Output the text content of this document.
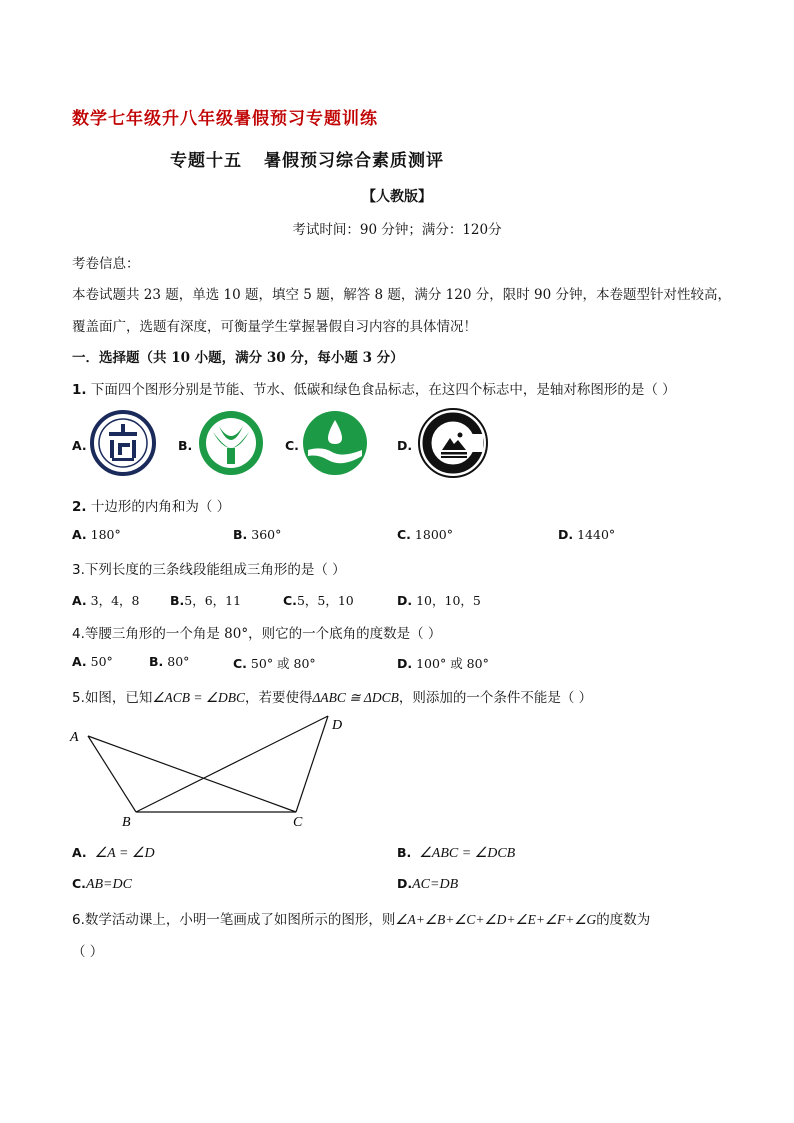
数学七年级升八年级暑假预习专题训练
专题十五 暑假预习综合素质测评
【人教版】
考试时间：90 分钟；满分：120分
考卷信息：
本卷试题共 23 题，单选 10 题，填空 5 题，解答 8 题，满分 120 分，限时 90 分钟，本卷题型针对性较高，
覆盖面广，选题有深度，可衡量学生掌握暑假自习内容的具体情况！
一．选择题（共 10 小题，满分 30 分，每小题 3 分）
1. 下面四个图形分别是节能、节水、低碳和绿色食品标志，在这四个标志中，是轴对称图形的是（ ）
A.	B.	C.	D.
2. 十边形的内角和为（ ）
A. 180°	B. 360°	C. 1800°	D. 1440°
3.下列长度的三条线段能组成三角形的是（ ）
A. 3，4，8 B.5，6，11	C.5，5，10	D. 10，10，5
4.等腰三角形的一个角是 80°，则它的一个底角的度数是（ ）
A. 50°	B. 80°	C. 50° 或 80°	D. 100° 或 80°
5.如图，已知∠ACB = ∠DBC，若要使得ΔABC ≅ ΔDCB，则添加的一个条件不能是（ ）
A
B	C
D
A. ∠A = ∠D	B. ∠ABC = ∠DCB
C.AB=DC	D.AC=DB
6.数学活动课上，小明一笔画成了如图所示的图形，则∠A+∠B+∠C+∠D+∠E+∠F+∠G的度数为
（ ）
